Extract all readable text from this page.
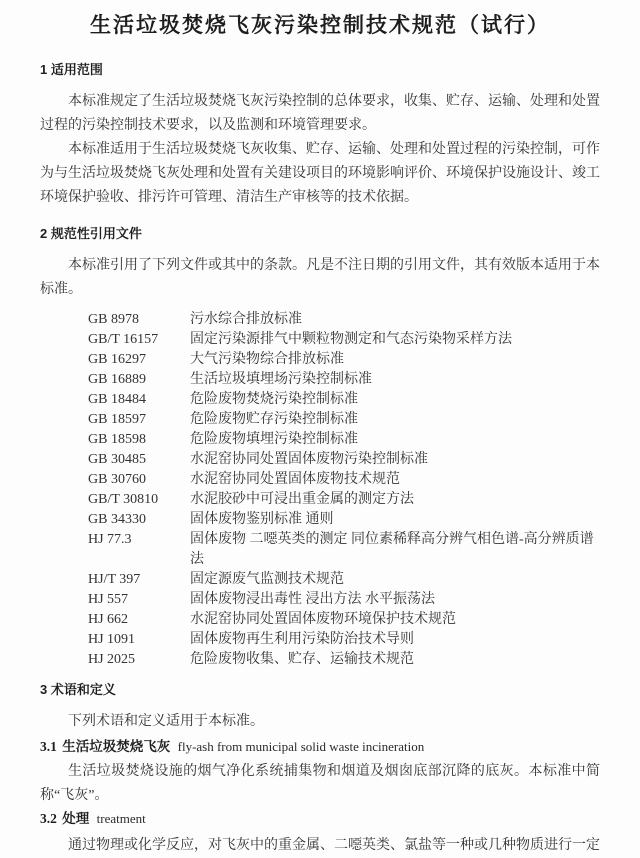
生活垃圾焚烧飞灰污染控制技术规范（试行）
1 适用范围

本标准规定了生活垃圾焚烧飞灰污染控制的总体要求，收集、贮存、运输、处理和处置过程的污染控制技术要求，以及监测和环境管理要求。

本标准适用于生活垃圾焚烧飞灰收集、贮存、运输、处理和处置过程的污染控制，可作为与生活垃圾焚烧飞灰处理和处置有关建设项目的环境影响评价、环境保护设施设计、竣工环境保护验收、排污许可管理、清洁生产审核等的技术依据。

2 规范性引用文件

本标准引用了下列文件或其中的条款。凡是不注日期的引用文件，其有效版本适用于本标准。

GB 8978	污水综合排放标准
GB/T 16157	固定污染源排气中颗粒物测定和气态污染物采样方法
GB 16297	大气污染物综合排放标准
GB 16889	生活垃圾填埋场污染控制标准
GB 18484	危险废物焚烧污染控制标准
GB 18597	危险废物贮存污染控制标准
GB 18598	危险废物填埋污染控制标准
GB 30485	水泥窑协同处置固体废物污染控制标准
GB 30760	水泥窑协同处置固体废物技术规范
GB/T 30810	水泥胶砂中可浸出重金属的测定方法
GB 34330	固体废物鉴别标准 通则
HJ 77.3	固体废物 二噁英类的测定 同位素稀释高分辨气相色谱-高分辨质谱法
HJ/T 397	固定源废气监测技术规范
HJ 557	固体废物浸出毒性 浸出方法 水平振荡法
HJ 662	水泥窑协同处置固体废物环境保护技术规范
HJ 1091	固体废物再生利用污染防治技术导则
HJ 2025	危险废物收集、贮存、运输技术规范
3 术语和定义

下列术语和定义适用于本标准。

3.1 生活垃圾焚烧飞灰 fly-ash from municipal solid waste incineration

生活垃圾焚烧设施的烟气净化系统捕集物和烟道及烟囱底部沉降的底灰。本标准中简称“飞灰”。

3.2 处理 treatment

通过物理或化学反应，对飞灰中的重金属、二噁英类、氯盐等一种或几种物质进行一定
